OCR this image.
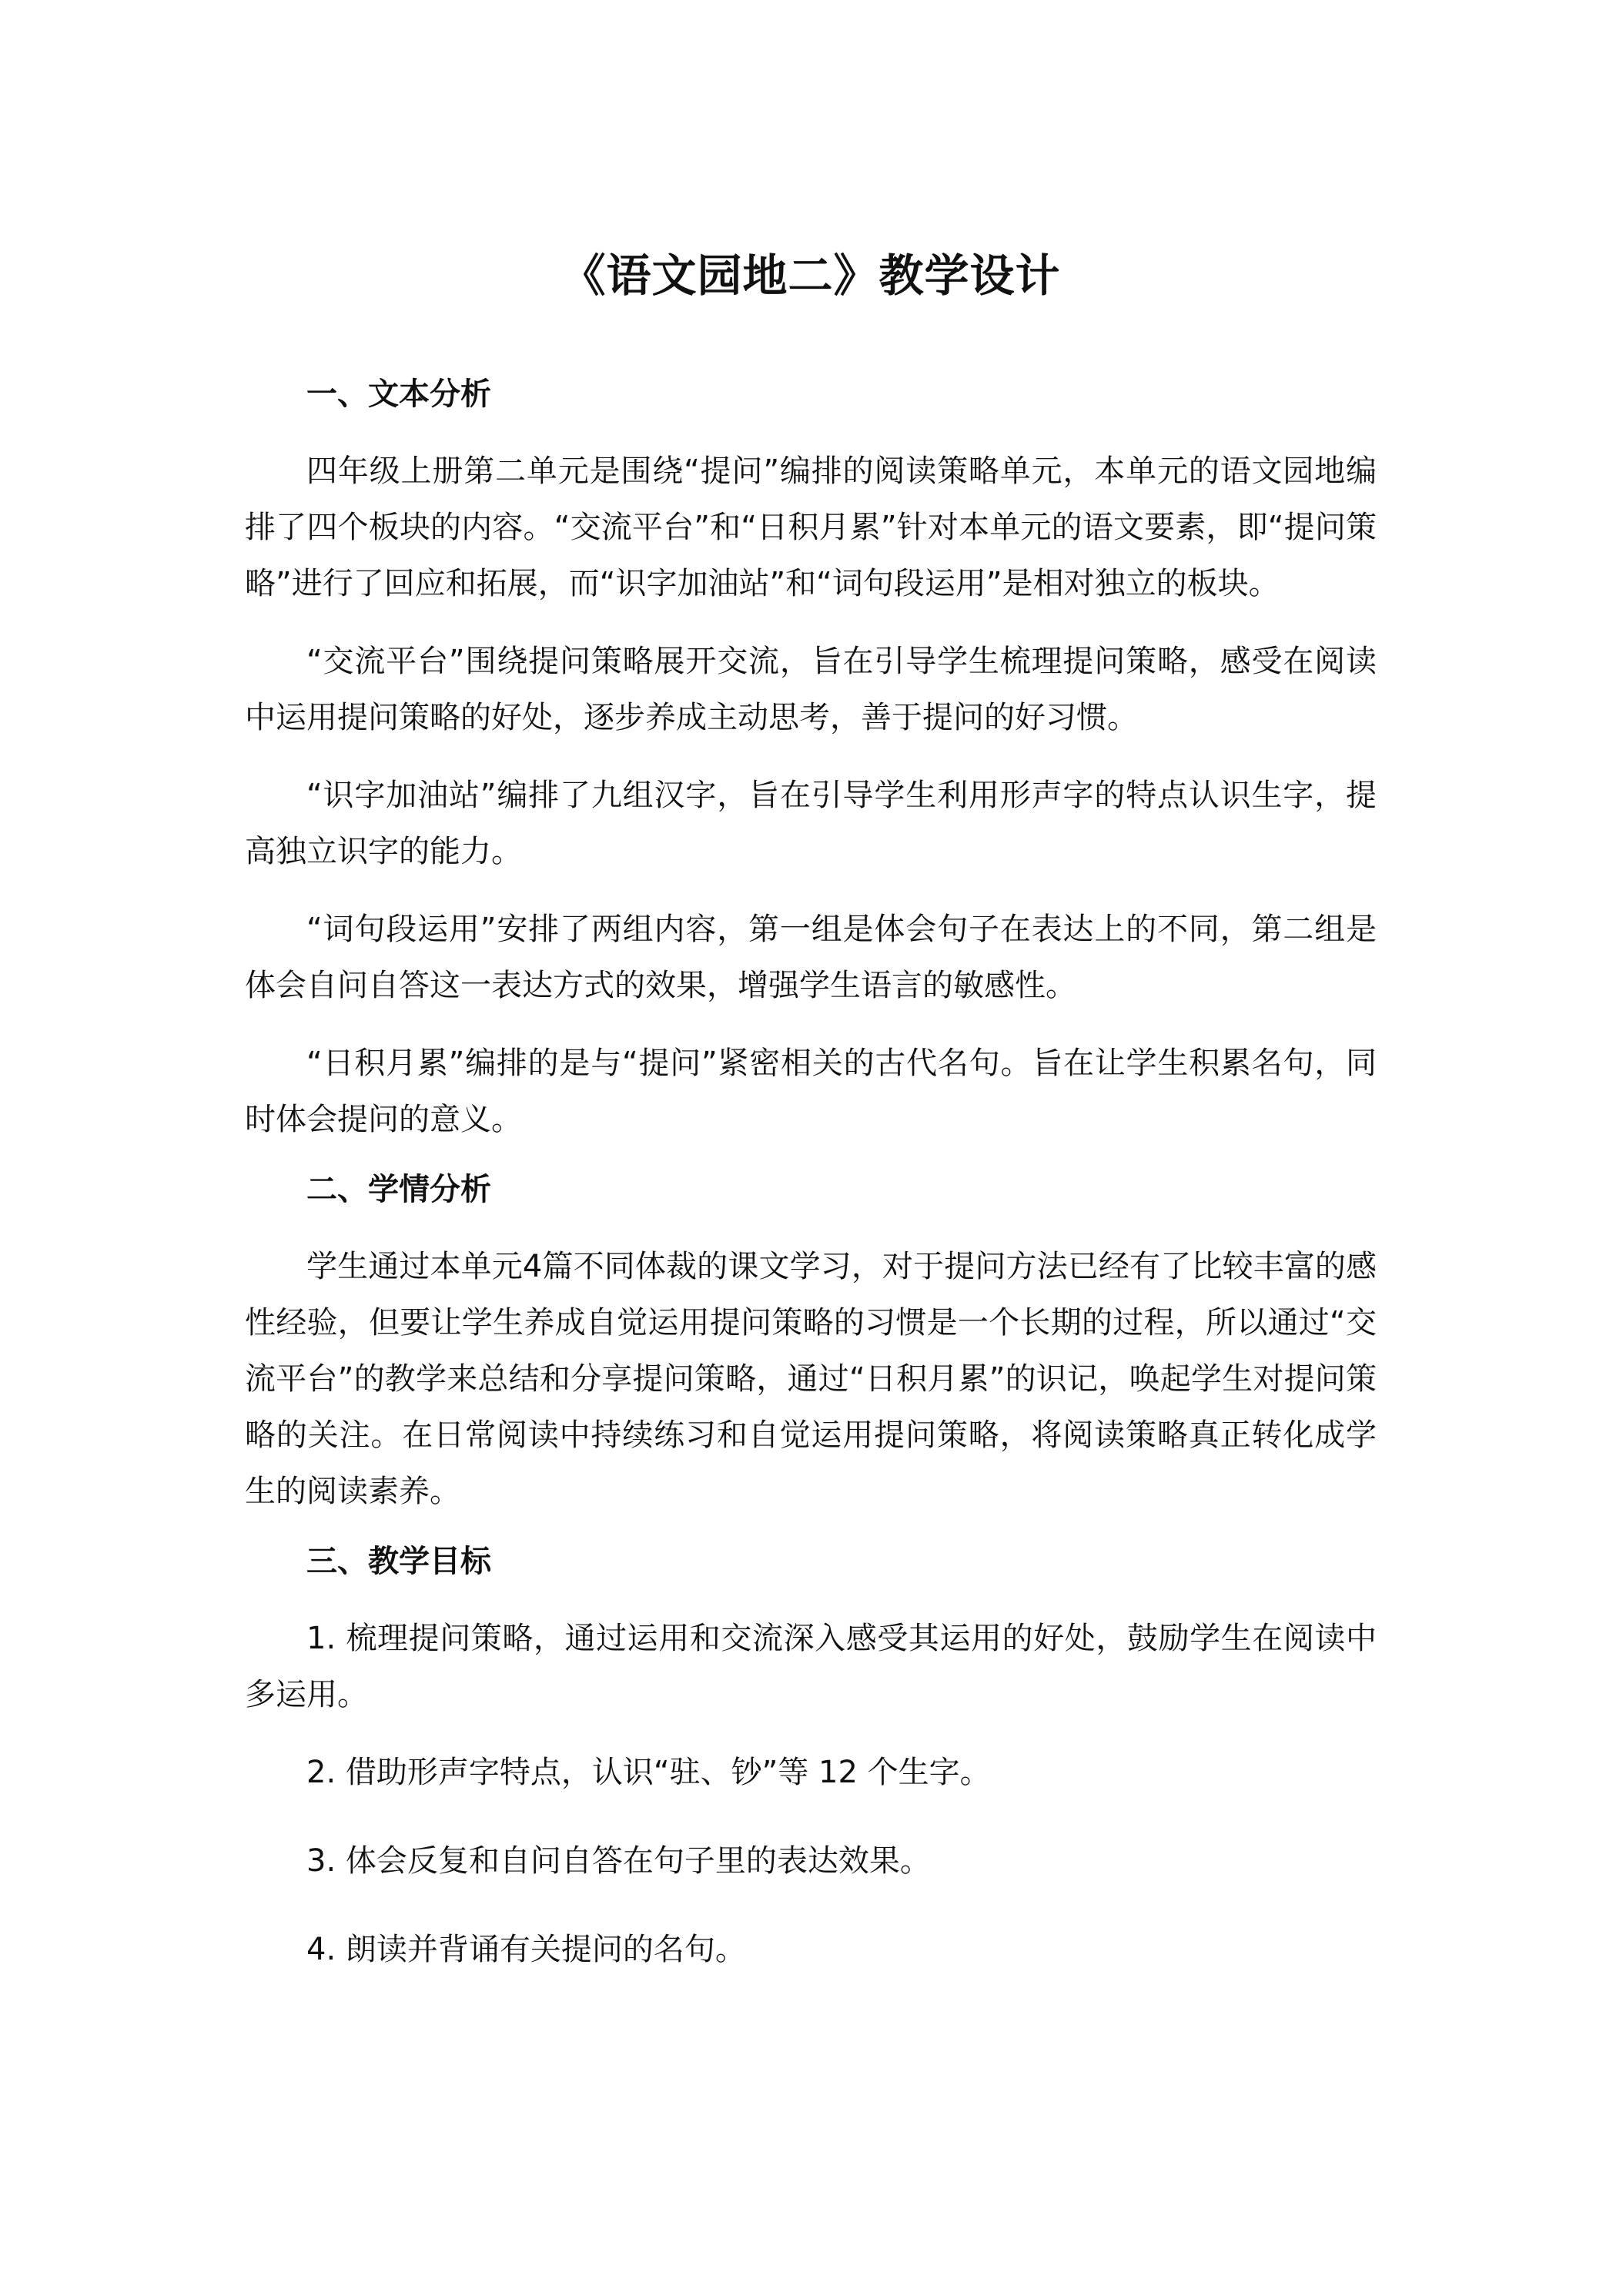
《语文园地二》教学设计
一、文本分析

四年级上册第二单元是围绕“提问”编排的阅读策略单元，本单元的语文园地编排了四个板块的内容。“交流平台”和“日积月累”针对本单元的语文要素，即“提问策略”进行了回应和拓展，而“识字加油站”和“词句段运用”是相对独立的板块。

“交流平台”围绕提问策略展开交流，旨在引导学生梳理提问策略，感受在阅读中运用提问策略的好处，逐步养成主动思考，善于提问的好习惯。

“识字加油站”编排了九组汉字，旨在引导学生利用形声字的特点认识生字，提高独立识字的能力。

“词句段运用”安排了两组内容，第一组是体会句子在表达上的不同，第二组是体会自问自答这一表达方式的效果，增强学生语言的敏感性。

“日积月累”编排的是与“提问”紧密相关的古代名句。旨在让学生积累名句，同时体会提问的意义。

二、学情分析

学生通过本单元4篇不同体裁的课文学习，对于提问方法已经有了比较丰富的感性经验，但要让学生养成自觉运用提问策略的习惯是一个长期的过程，所以通过“交流平台”的教学来总结和分享提问策略，通过“日积月累”的识记，唤起学生对提问策略的关注。在日常阅读中持续练习和自觉运用提问策略，将阅读策略真正转化成学生的阅读素养。

三、教学目标

1. 梳理提问策略，通过运用和交流深入感受其运用的好处，鼓励学生在阅读中多运用。

2. 借助形声字特点，认识“驻、钞”等 12 个生字。

3. 体会反复和自问自答在句子里的表达效果。

4. 朗读并背诵有关提问的名句。
